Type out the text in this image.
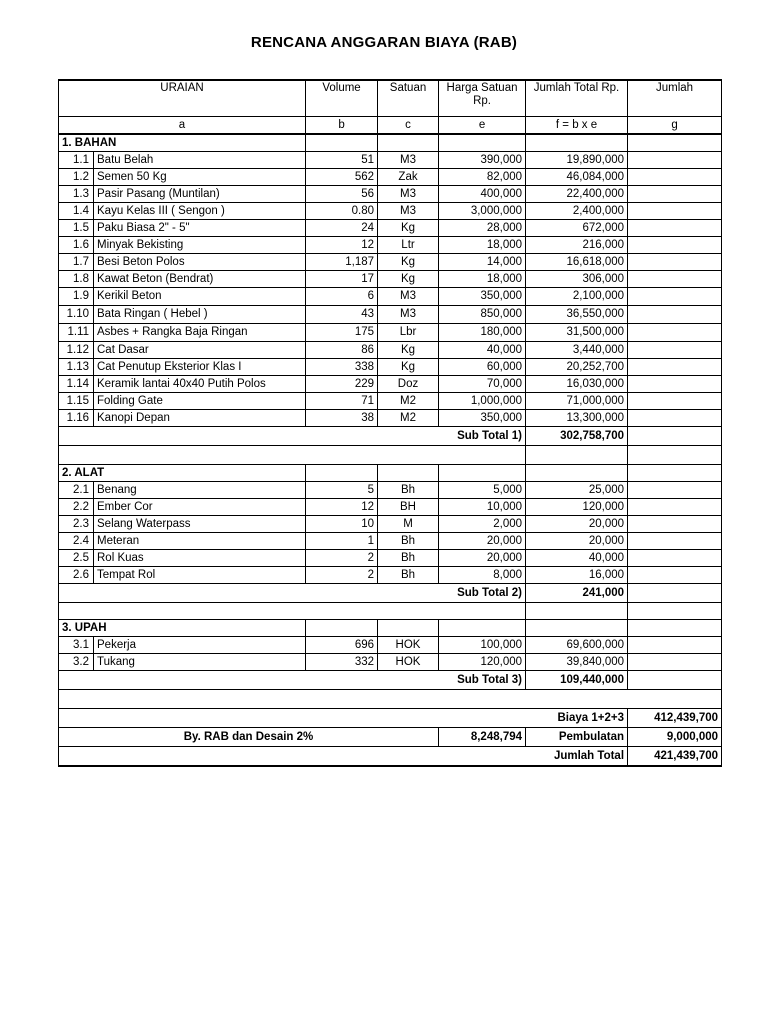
RENCANA ANGGARAN BIAYA (RAB)
URAIAN		Volume	Satuan	Harga Satuan Rp.	Jumlah Total Rp.	Jumlah
a		b	c	e	f = b x e	g
1. BAHAN						
1.1	Batu Belah	51	M3	390,000	19,890,000	
1.2	Semen 50 Kg	562	Zak	82,000	46,084,000	
1.3	Pasir Pasang (Muntilan)	56	M3	400,000	22,400,000	
1.4	Kayu Kelas III ( Sengon )	0.80	M3	3,000,000	2,400,000	
1.5	Paku Biasa 2" - 5"	24	Kg	28,000	672,000	
1.6	Minyak Bekisting	12	Ltr	18,000	216,000	
1.7	Besi Beton Polos	1,187	Kg	14,000	16,618,000	
1.8	Kawat Beton (Bendrat)	17	Kg	18,000	306,000	
1.9	Kerikil Beton	6	M3	350,000	2,100,000	
1.10	Bata Ringan ( Hebel )	43	M3	850,000	36,550,000	
1.11	Asbes + Rangka Baja Ringan	175	Lbr	180,000	31,500,000	
1.12	Cat Dasar	86	Kg	40,000	3,440,000	
1.13	Cat Penutup Eksterior Klas I	338	Kg	60,000	20,252,700	
1.14	Keramik lantai 40x40 Putih Polos	229	Doz	70,000	16,030,000	
1.15	Folding Gate	71	M2	1,000,000	71,000,000	
1.16	Kanopi Depan	38	M2	350,000	13,300,000	
Sub Total 1)					302,758,700	

2. ALAT						
2.1	Benang	5	Bh	5,000	25,000	
2.2	Ember Cor	12	BH	10,000	120,000	
2.3	Selang Waterpass	10	M	2,000	20,000	
2.4	Meteran	1	Bh	20,000	20,000	
2.5	Rol Kuas	2	Bh	20,000	40,000	
2.6	Tempat Rol	2	Bh	8,000	16,000	
Sub Total 2)					241,000	

3. UPAH						
3.1	Pekerja	696	HOK	100,000	69,600,000	
3.2	Tukang	332	HOK	120,000	39,840,000	
Sub Total 3)					109,440,000	

Biaya 1+2+3						412,439,700
By. RAB dan Desain 2%				8,248,794	Pembulatan	9,000,000
Jumlah Total						421,439,700
